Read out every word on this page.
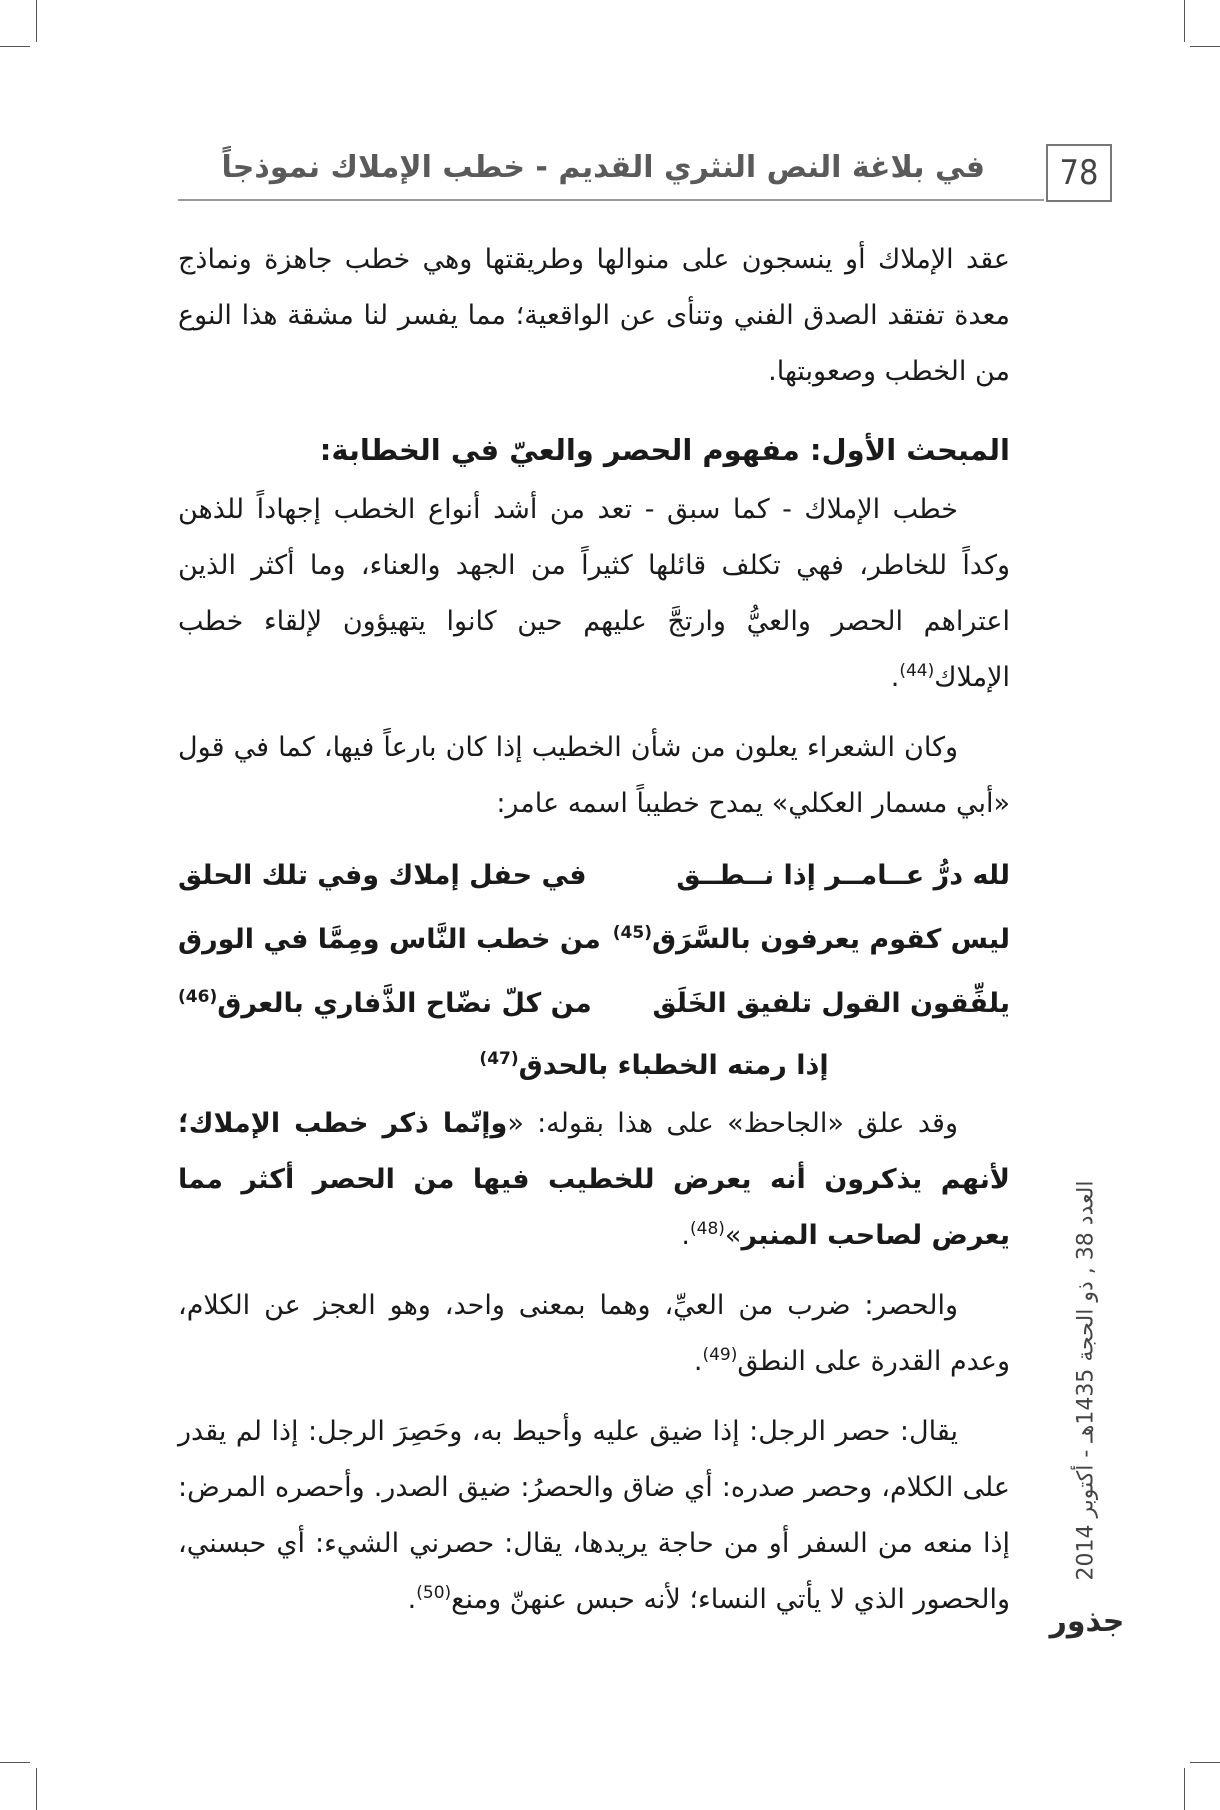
78
في بلاغة النص النثري القديم - خطب الإملاك نموذجاً

عقد الإملاك أو ينسجون على منوالها وطريقتها وهي خطب جاهزة ونماذج معدة تفتقد الصدق الفني وتنأى عن الواقعية؛ مما يفسر لنا مشقة هذا النوع من الخطب وصعوبتها.

المبحث الأول: مفهوم الحصر والعيّ في الخطابة:

خطب الإملاك - كما سبق - تعد من أشد أنواع الخطب إجهاداً للذهن وكداً للخاطر، فهي تكلف قائلها كثيراً من الجهد والعناء، وما أكثر الذين اعتراهم الحصر والعيُّ وارتجَّ عليهم حين كانوا يتهيؤون لإلقاء خطب الإملاك$^{(44)}$.

وكان الشعراء يعلون من شأن الخطيب إذا كان بارعاً فيها، كما في قول «أبي مسمار العكلي» يمدح خطيباً اسمه عامر:

لله درُّ عــامــر إذا نــطــق
في حفل إملاك وفي تلك الحلق
ليس كقوم يعرفون بالسَّرَق$^{(45)}$
من خطب النَّاس ومِمَّا في الورق
يلفِّقون القول تلفيق الخَلَق
من كلّ نضّاح الذَّفاري بالعرق$^{(46)}$
إذا رمته الخطباء بالحدق$^{(47)}$

وقد علق «الجاحظ» على هذا بقوله: «وإنّما ذكر خطب الإملاك؛ لأنهم يذكرون أنه يعرض للخطيب فيها من الحصر أكثر مما يعرض لصاحب المنبر»$^{(48)}$.

والحصر: ضرب من العيِّ، وهما بمعنى واحد، وهو العجز عن الكلام، وعدم القدرة على النطق$^{(49)}$.

يقال: حصر الرجل: إذا ضيق عليه وأحيط به، وحَصِرَ الرجل: إذا لم يقدر على الكلام، وحصر صدره: أي ضاق والحصرُ: ضيق الصدر. وأحصره المرض: إذا منعه من السفر أو من حاجة يريدها، يقال: حصرني الشيء: أي حبسني، والحصور الذي لا يأتي النساء؛ لأنه حبس عنهنّ ومنع$^{(50)}$.

العدد 38 , ذو الحجة 1435هـ - أكتوبر 2014
جذور
